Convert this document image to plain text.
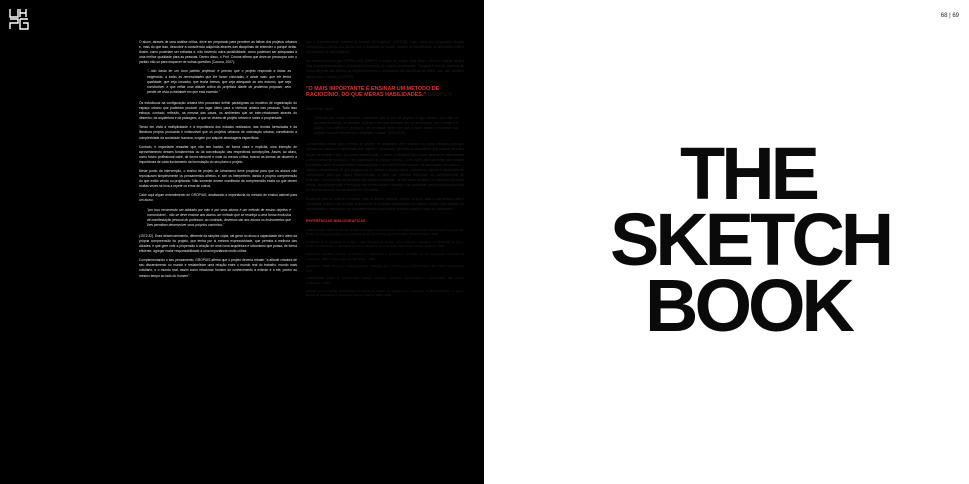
O aluno, através de uma análise crítica, deve ser preparado para perceber as falhas dos projetos urbanos e, mais do que isso, descobrir a consciência adquirida através das disciplinas de entender o porquê delas. Assim, como poderiam ser evitadas e, não havendo outra possibilidade, como poderiam ser adequadas a uma melhor qualidade para as pessoas. Dentro disso, o Prof. Corona afirma que deve-se preocupar com o partido não só para esquecer de outras questões (Corona, 2007):

"...não basta ter um bom partido projetual; é preciso que o projeto responda a todas as exigências, a todas as necessidades que lhe foram colocadas, e ainda mais: que ele tenha qualidade, que seja inovador, que tenha beleza, que seja adequado ao seu entorno, que seja construtível, e que reflita uma atitude crítica do projetista diante do problema proposto, sem perder de vista a realidade em que está inserido."

Os estudiosos da configuração urbana têm procurado definir paradigmas ou modelos de organização do espaço urbano que poderiam produzir um lugar ótimo para a vivência urbana das pessoas. Tudo isso esboça, contudo, reflexão, na mesma das casas, os ambientes que se inter-relacionam através do desenho, da arquitetura e da paisagem, a que se chama de projeto urbano e sobre a propriedade.

Tendo em vista a multiplicidade e a importância dos estudos realizados, das teorias formuladas e da literatura própria produzida e indiscutível que os projetos urbanos de ordenação urbana, constituindo a complexidade da sociedade humana, exigem por adquirir abordagens específicas.

Contudo, é importante ressaltar que não tem havido, de forma clara e explícita, uma intenção de aproveitamento desses fundamentos ou da conceituação das respectivas concepções. Assim, ao aluno, como futuro profissional cabe, de forma sensível e mais ou menos crítica, buscar as formas de discernir a importância de cada fundamento da formulação do seu plano e projeto.

Neste ponto da intervenção, o ensino de projeto de Urbanismo deve propiciar para que os alunos não reproduzam simplesmente os pensamentos alheios, e, sim os interpretem, dando a própria compreensão do que estão vendo ou projetando. Não somente devem manifestar da compreensão exata ou que deram muitas vezes se leva a repetir os erros de outros.

Cabe aqui algum entendimento de GROPIUS, analisando a importância do método de ensino cabível para um aluno:

"por isso recomendo ser adotado por mim e por seus alunos é um método de ensino objetivo e comunicável... não se deve ensinar aos alunos um método que se restrinja a uma forma exclusiva de manifestação pessoal do professor; ao contrário, devemos dar aos alunos os instrumentos que lhes permitam desenvolver seus próprios caminhos."

(1972:32). Esse desenvolvimento, diferente da simples cópia, vai gerar no aluno a capacidade de ir além da própria compreensão do projeto, que tenha por si mesma expressividade, que permita a melhora das cidades, e que gere nele a propensão à criação de uma nova arquitetura e urbanismo que possa, de forma eficiente, agregar maior responsabilidade a uma importância muito crítica.

Complementando o seu pensamento, GROPIUS afirma que o projeto deveria rebater "a atitude criadora de seu discernimento no mundo e restabelecer uma relação entre o mundo real do trabalho, mundo mais cotidiano, e o mundo real, assim como relacionar homem de conhecimento a exterior e a ele, porém ao mesmo tempo ao lado do homem".

68 | 69

que a exclusivamente material do homem de negócios" (1972:32). Logo, seria uma importante técnica pedagógica o contato dos alunos com a realidade do mundo, através do atendimento de demandas reais e da realidade de cada material.

De mesma maneira que CARSALADE (1998:7) "o ensino de projeto deve levar o aluno a realizar na sua vida própria descobertas e a alcançar a expressão do próprio pensamento". Portanto é preciso repensar de forma diferente não apenas os objetivos maiores e adequados das disciplinas de ateliê, mas, sim, também afirmar que o Gropius (1972:56).

"O MAIS IMPORTANTE É ENSINAR UM MÉTODO DE RACIOCÍNIO, DO QUE MERAS HABILIDADES." GROPIUS

Para o Prof. Janot:

"Entende que muitas pessoas consideram que a arte de projetar é algo intuitivo, que não se aprende na escola; na verdade, projetar é sim uma atividade que se desenvolve com o tempo e a prática, com método e disciplina, até conseguir fazer com que o aluno passe a encontrar sua própria forma de representar e enxergar a cidade." (2002:156).

Considerando então que o ensino de projeto de urbanismo deve fornecer ao aluno métodos para que possam ser usados na apreensão dos objetos e processos, percebe-se claramente que existem diversos modos de ensinar e que, de forma e aproximação, o futuro profissional hoje busca, através de instrumentos o seu processo de produção e de organização do espaço urbano — com ações pontuais feitas que possam possibilitar sobre os instrumentos metodológicos e ao menor tempo possível de abordagem aos alunos — haverá a necessidade de que proporcione às futuras posições claras, envolvendo valores e habilidades de construções, para que sejam desenvolvidas, a partir das distintas intenções, os conhecimentos de realidade, com a devida aproximação das teorias formuladas, as diferentes escalas e os aspectos físicos da cidade, da compreensão e resolução das necessidades coletivas e da sociedade perspectiva populacional ao desenvolvimento das atividades da vida diária.

Espera-se que ao ordenar o espaço, seja no âmbito regional, urbano ou local, faça-o com técnica, arte e consciente própria, com posição crítica frente à produção arquitetônica do espaço urbano, para atender às necessidades e aspirações de uma determinada comunidade humana, objetivo maior do Urbanismo.

REFERÊNCIAS BIBLIOGRÁFICAS

CARSALADE, Flávio de Lemos. Ensino de Projeto de Arquitetura: uma visão construtivista. Dissertação de mestrado. Núcleo de Pós-graduação em Arquitetura da Escola de Arquitetura da UFMG. Belo Horizonte, 1998.

CORONA, E. C. Arquiteto no ensino e aprendizagem de projeto: seus impactos e desafios. In CORONA, E. (org.). Projeto Arquitetônico — Disciplina em crise, disciplina em renovação. São Paulo: Projeto Editores, 1986.

GOUVEIA, Eduardo. Agosto. Arquiteturas / Arquitetura e Urbanismo. In Anais do XV Congresso Nacional de Arquitetos, 1998. Projeto Editoras. São Paulo: 1998.

GROPIUS, Walter. Bauhaus: nova arquitetura. Tradução de J. Guinsburg e Ingrid Dormien. São Paulo: Perspectiva, 1972.

GUIMARÃES, Pedro P. Configuração urbana: evolução, avaliação, planejamento e urbanização. São Paulo: ProEditores, 2004.

JANOT, Luiz Fernando. Metodologia no ensino de projeto de arquitetura e urbanismo. In: BITENCOURT, C. (org.). Ensino de Arquitetura e Urbanismo. Rio de Janeiro: UFRJ, 2002.

THE
SKETCH
BOOK
